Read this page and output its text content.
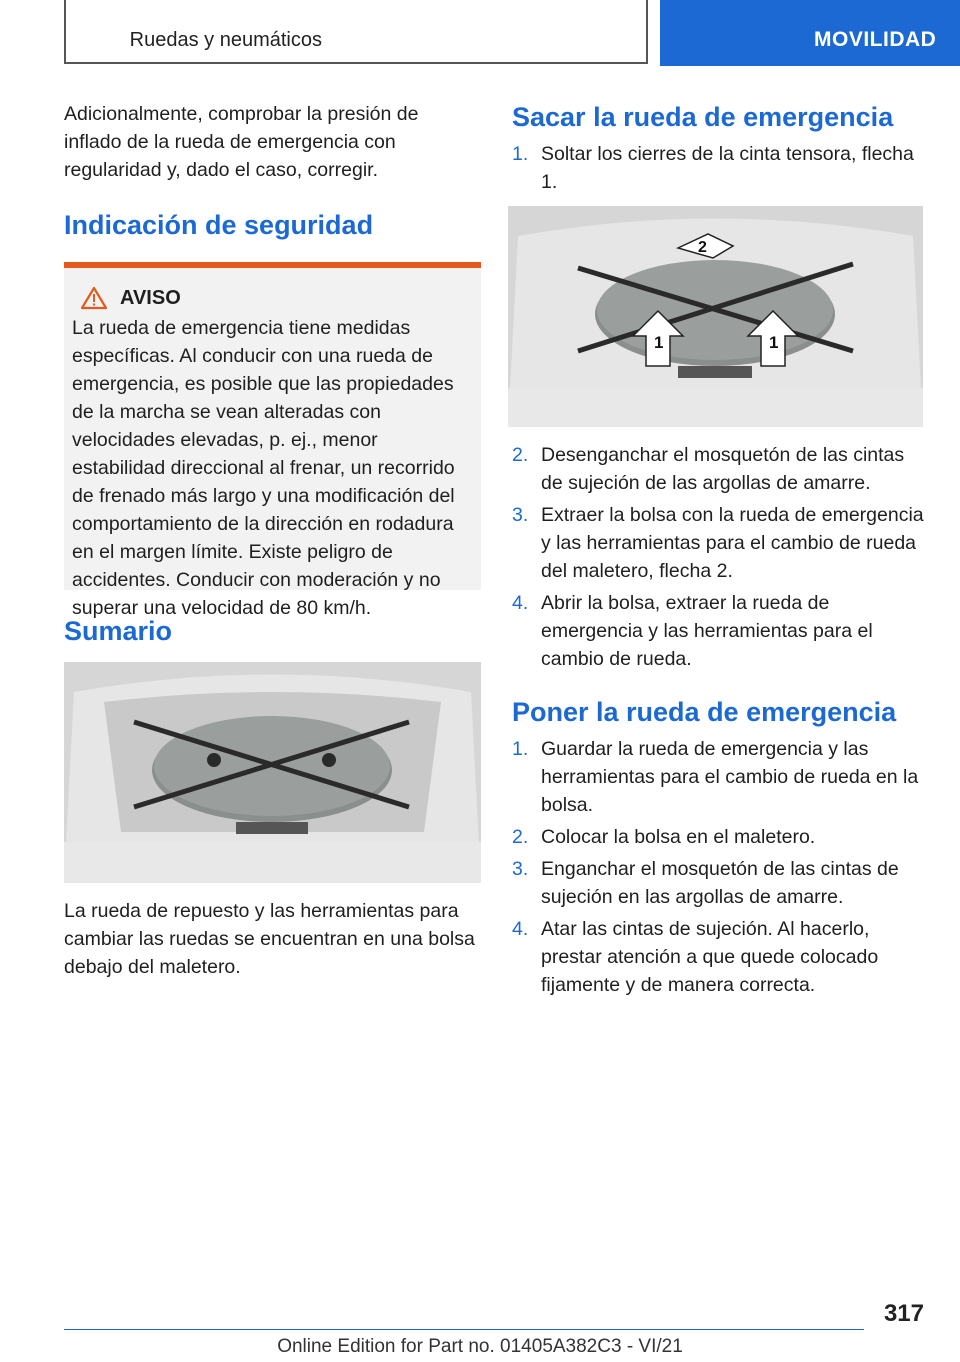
Ruedas y neumáticos	MOVILIDAD

Adicionalmente, comprobar la presión de inflado de la rueda de emergencia con regularidad y, dado el caso, corregir.

Indicación de seguridad
AVISO
La rueda de emergencia tiene medidas específicas. Al conducir con una rueda de emergencia, es posible que las propiedades de la marcha se vean alteradas con velocidades elevadas, p. ej., menor estabilidad direccional al frenar, un recorrido de frenado más largo y una modificación del comportamiento de la dirección en rodadura en el margen límite. Existe peligro de accidentes. Conducir con moderación y no superar una velocidad de 80 km/h.
Sumario

La rueda de repuesto y las herramientas para cambiar las ruedas se encuentran en una bolsa debajo del maletero.

Sacar la rueda de emergencia
1. Soltar los cierres de la cinta tensora, flecha 1.
2
1	1
2. Desenganchar el mosquetón de las cintas de sujeción de las argollas de amarre.
3. Extraer la bolsa con la rueda de emergencia y las herramientas para el cambio de rueda del maletero, flecha 2.
4. Abrir la bolsa, extraer la rueda de emergencia y las herramientas para el cambio de rueda.
Poner la rueda de emergencia
1. Guardar la rueda de emergencia y las herramientas para el cambio de rueda en la bolsa.
2. Colocar la bolsa en el maletero.
3. Enganchar el mosquetón de las cintas de sujeción en las argollas de amarre.
4. Atar las cintas de sujeción. Al hacerlo, prestar atención a que quede colocado fijamente y de manera correcta.
317
Online Edition for Part no. 01405A382C3 - VI/21
